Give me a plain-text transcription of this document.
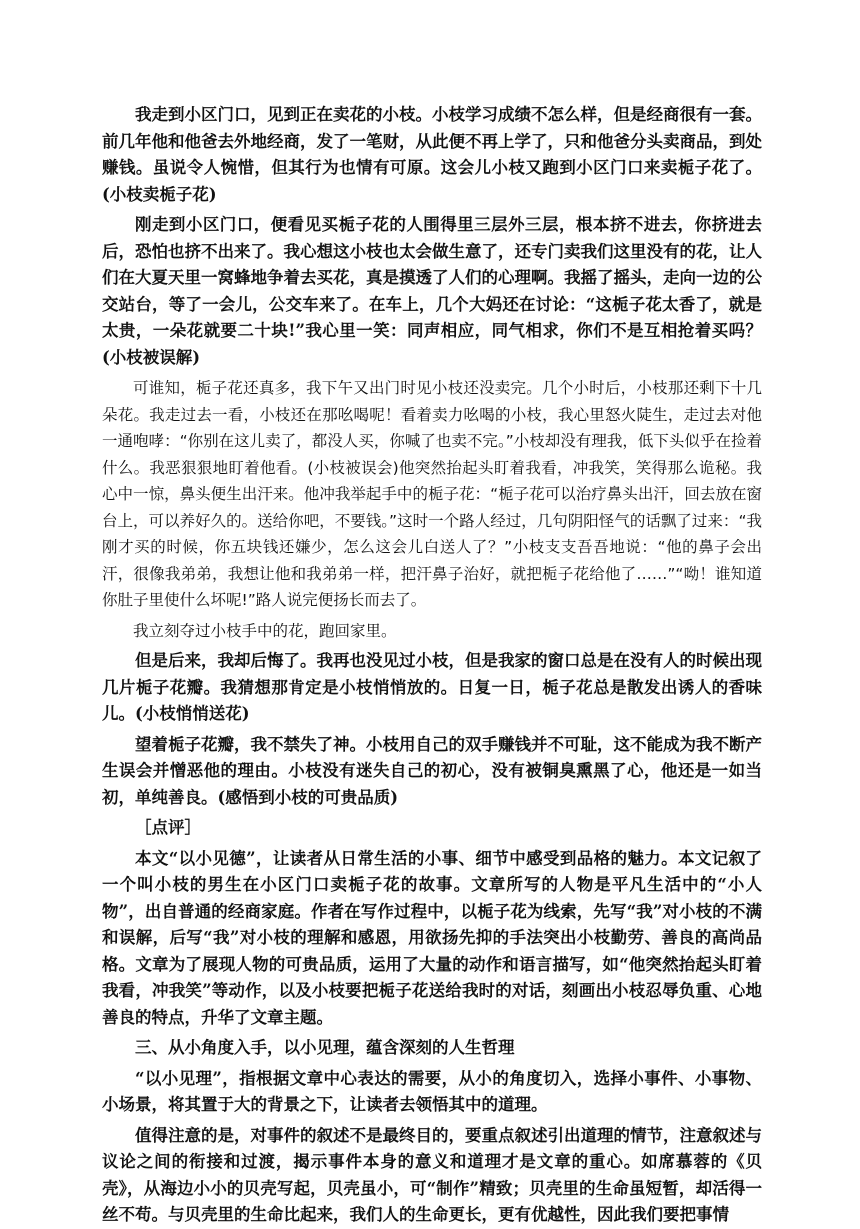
我走到小区门口，见到正在卖花的小枝。小枝学习成绩不怎么样，但是经商很有一套。前几年他和他爸去外地经商，发了一笔财，从此便不再上学了，只和他爸分头卖商品，到处赚钱。虽说令人惋惜，但其行为也情有可原。这会儿小枝又跑到小区门口来卖栀子花了。(小枝卖栀子花)

刚走到小区门口，便看见买栀子花的人围得里三层外三层，根本挤不进去，你挤进去后，恐怕也挤不出来了。我心想这小枝也太会做生意了，还专门卖我们这里没有的花，让人们在大夏天里一窝蜂地争着去买花，真是摸透了人们的心理啊。我摇了摇头，走向一边的公交站台，等了一会儿，公交车来了。在车上，几个大妈还在讨论：“这栀子花太香了，就是太贵，一朵花就要二十块!”我心里一笑：同声相应，同气相求，你们不是互相抢着买吗？(小枝被误解)

可谁知，栀子花还真多，我下午又出门时见小枝还没卖完。几个小时后，小枝那还剩下十几朵花。我走过去一看，小枝还在那吆喝呢！看着卖力吆喝的小枝，我心里怒火陡生，走过去对他一通咆哮：“你别在这儿卖了，都没人买，你喊了也卖不完。”小枝却没有理我，低下头似乎在捡着什么。我恶狠狠地盯着他看。(小枝被误会)他突然抬起头盯着我看，冲我笑，笑得那么诡秘。我心中一惊，鼻头便生出汗来。他冲我举起手中的栀子花：“栀子花可以治疗鼻头出汗，回去放在窗台上，可以养好久的。送给你吧，不要钱。”这时一个路人经过，几句阴阳怪气的话飘了过来：“我刚才买的时候，你五块钱还嫌少，怎么这会儿白送人了？”小枝支支吾吾地说：“他的鼻子会出汗，很像我弟弟，我想让他和我弟弟一样，把汗鼻子治好，就把栀子花给他了……”“呦！谁知道你肚子里使什么坏呢!”路人说完便扬长而去了。

我立刻夺过小枝手中的花，跑回家里。

但是后来，我却后悔了。我再也没见过小枝，但是我家的窗口总是在没有人的时候出现几片栀子花瓣。我猜想那肯定是小枝悄悄放的。日复一日，栀子花总是散发出诱人的香味儿。(小枝悄悄送花)

望着栀子花瓣，我不禁失了神。小枝用自己的双手赚钱并不可耻，这不能成为我不断产生误会并憎恶他的理由。小枝没有迷失自己的初心，没有被铜臭熏黑了心，他还是一如当初，单纯善良。(感悟到小枝的可贵品质)

［点评］

本文“以小见德”，让读者从日常生活的小事、细节中感受到品格的魅力。本文记叙了一个叫小枝的男生在小区门口卖栀子花的故事。文章所写的人物是平凡生活中的“小人物”，出自普通的经商家庭。作者在写作过程中，以栀子花为线索，先写“我”对小枝的不满和误解，后写“我”对小枝的理解和感恩，用欲扬先抑的手法突出小枝勤劳、善良的高尚品格。文章为了展现人物的可贵品质，运用了大量的动作和语言描写，如“他突然抬起头盯着我看，冲我笑”等动作，以及小枝要把栀子花送给我时的对话，刻画出小枝忍辱负重、心地善良的特点，升华了文章主题。

三、从小角度入手，以小见理，蕴含深刻的人生哲理

“以小见理”，指根据文章中心表达的需要，从小的角度切入，选择小事件、小事物、小场景，将其置于大的背景之下，让读者去领悟其中的道理。

值得注意的是，对事件的叙述不是最终目的，要重点叙述引出道理的情节，注意叙述与议论之间的衔接和过渡，揭示事件本身的意义和道理才是文章的重心。如席慕蓉的《贝壳》，从海边小小的贝壳写起，贝壳虽小，可“制作”精致；贝壳里的生命虽短暂，却活得一丝不苟。与贝壳里的生命比起来，我们人的生命更长，更有优越性，因此我们要把事情
